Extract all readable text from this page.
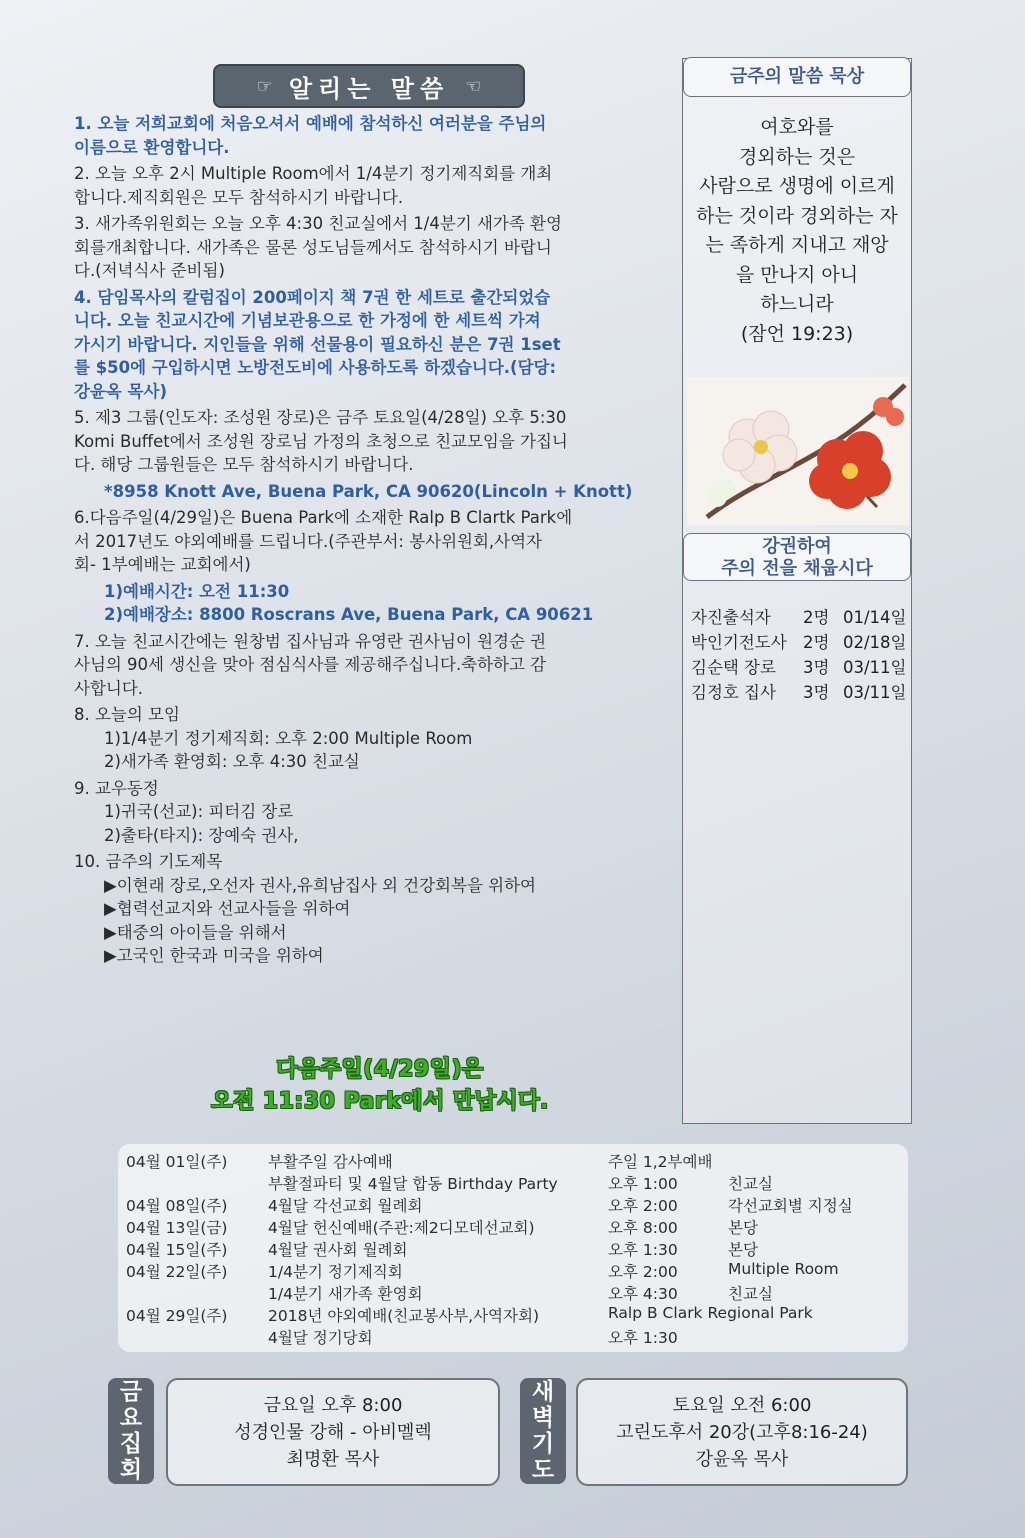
☞ 알리는 말씀 ☜
1. 오늘 저희교회에 처음오셔서 예배에 참석하신 여러분을 주님의
이름으로 환영합니다.
2. 오늘 오후 2시 Multiple Room에서 1/4분기 정기제직회를 개최
합니다.제직회원은 모두 참석하시기 바랍니다.
3. 새가족위원회는 오늘 오후 4:30 친교실에서 1/4분기 새가족 환영
회를개최합니다. 새가족은 물론 성도님들께서도 참석하시기 바랍니
다.(저녁식사 준비됨)
4. 담임목사의 칼럼집이 200페이지 책 7권 한 세트로 출간되었습
니다. 오늘 친교시간에 기념보관용으로 한 가정에 한 세트씩 가져
가시기 바랍니다. 지인들을 위해 선물용이 필요하신 분은 7권 1set
를 $50에 구입하시면 노방전도비에 사용하도록 하겠습니다.(담당:
강윤옥 목사)
5. 제3 그룹(인도자: 조성원 장로)은 금주 토요일(4/28일) 오후 5:30
Komi Buffet에서 조성원 장로님 가정의 초청으로 친교모임을 가집니
다. 해당 그룹원들은 모두 참석하시기 바랍니다.
*8958 Knott Ave, Buena Park, CA 90620(Lincoln + Knott)
6.다음주일(4/29일)은 Buena Park에 소재한 Ralp B Clartk Park에
서 2017년도 야외예배를 드립니다.(주관부서: 봉사위원회,사역자
회- 1부예배는 교회에서)
1)예배시간: 오전 11:30
2)예배장소: 8800 Roscrans Ave, Buena Park, CA 90621
7. 오늘 친교시간에는 원창범 집사님과 유영란 권사님이 원경순 권
사님의 90세 생신을 맞아 점심식사를 제공해주십니다.축하하고 감
사합니다.
8. 오늘의 모임
1)1/4분기 정기제직회: 오후 2:00 Multiple Room
2)새가족 환영회: 오후 4:30 친교실
9. 교우동정
1)귀국(선교): 피터김 장로
2)출타(타지): 장예숙 권사,
10. 금주의 기도제목
▶이현래 장로,오선자 권사,유희남집사 외 건강회복을 위하여
▶협력선교지와 선교사들을 위하여
▶태중의 아이들을 위해서
▶고국인 한국과 미국을 위하여
다음주일(4/29일)은
오전 11:30 Park에서 만납시다.
금주의 말씀 묵상
여호와를
경외하는 것은
사람으로 생명에 이르게
하는 것이라 경외하는 자
는 족하게 지내고 재앙
을 만나지 아니
하느니라
(잠언 19:23)
강권하여
주의 전을 채웁시다
자진출석자	2명 01/14일
박인기전도사 2명 02/18일
김순택 장로	3명 03/11일
김정호 집사	3명 03/11일
04월 01일(주)	부활주일 감사예배	주일 1,2부예배
부활절파티 및 4월달 합동 Birthday Party	오후 1:00	친교실
04월 08일(주)	4월달 각선교회 월례회	오후 2:00	각선교회별 지정실
04월 13일(금)	4월달 헌신예배(주관:제2디모데선교회)	오후 8:00	본당
04월 15일(주)	4월달 권사회 월례회	오후 1:30	본당
04월 22일(주)	1/4분기 정기제직회	오후 2:00	Multiple Room
1/4분기 새가족 환영회	오후 4:30	친교실
04월 29일(주)	2018년 야외예배(친교봉사부,사역자회)	Ralp B Clark Regional Park
4월달 정기당회	오후 1:30
금
요
집
회
금요일 오후 8:00
성경인물 강해 - 아비멜렉
최명환 목사
새
벽
기
도
토요일 오전 6:00
고린도후서 20강(고후8:16-24)
강윤옥 목사
